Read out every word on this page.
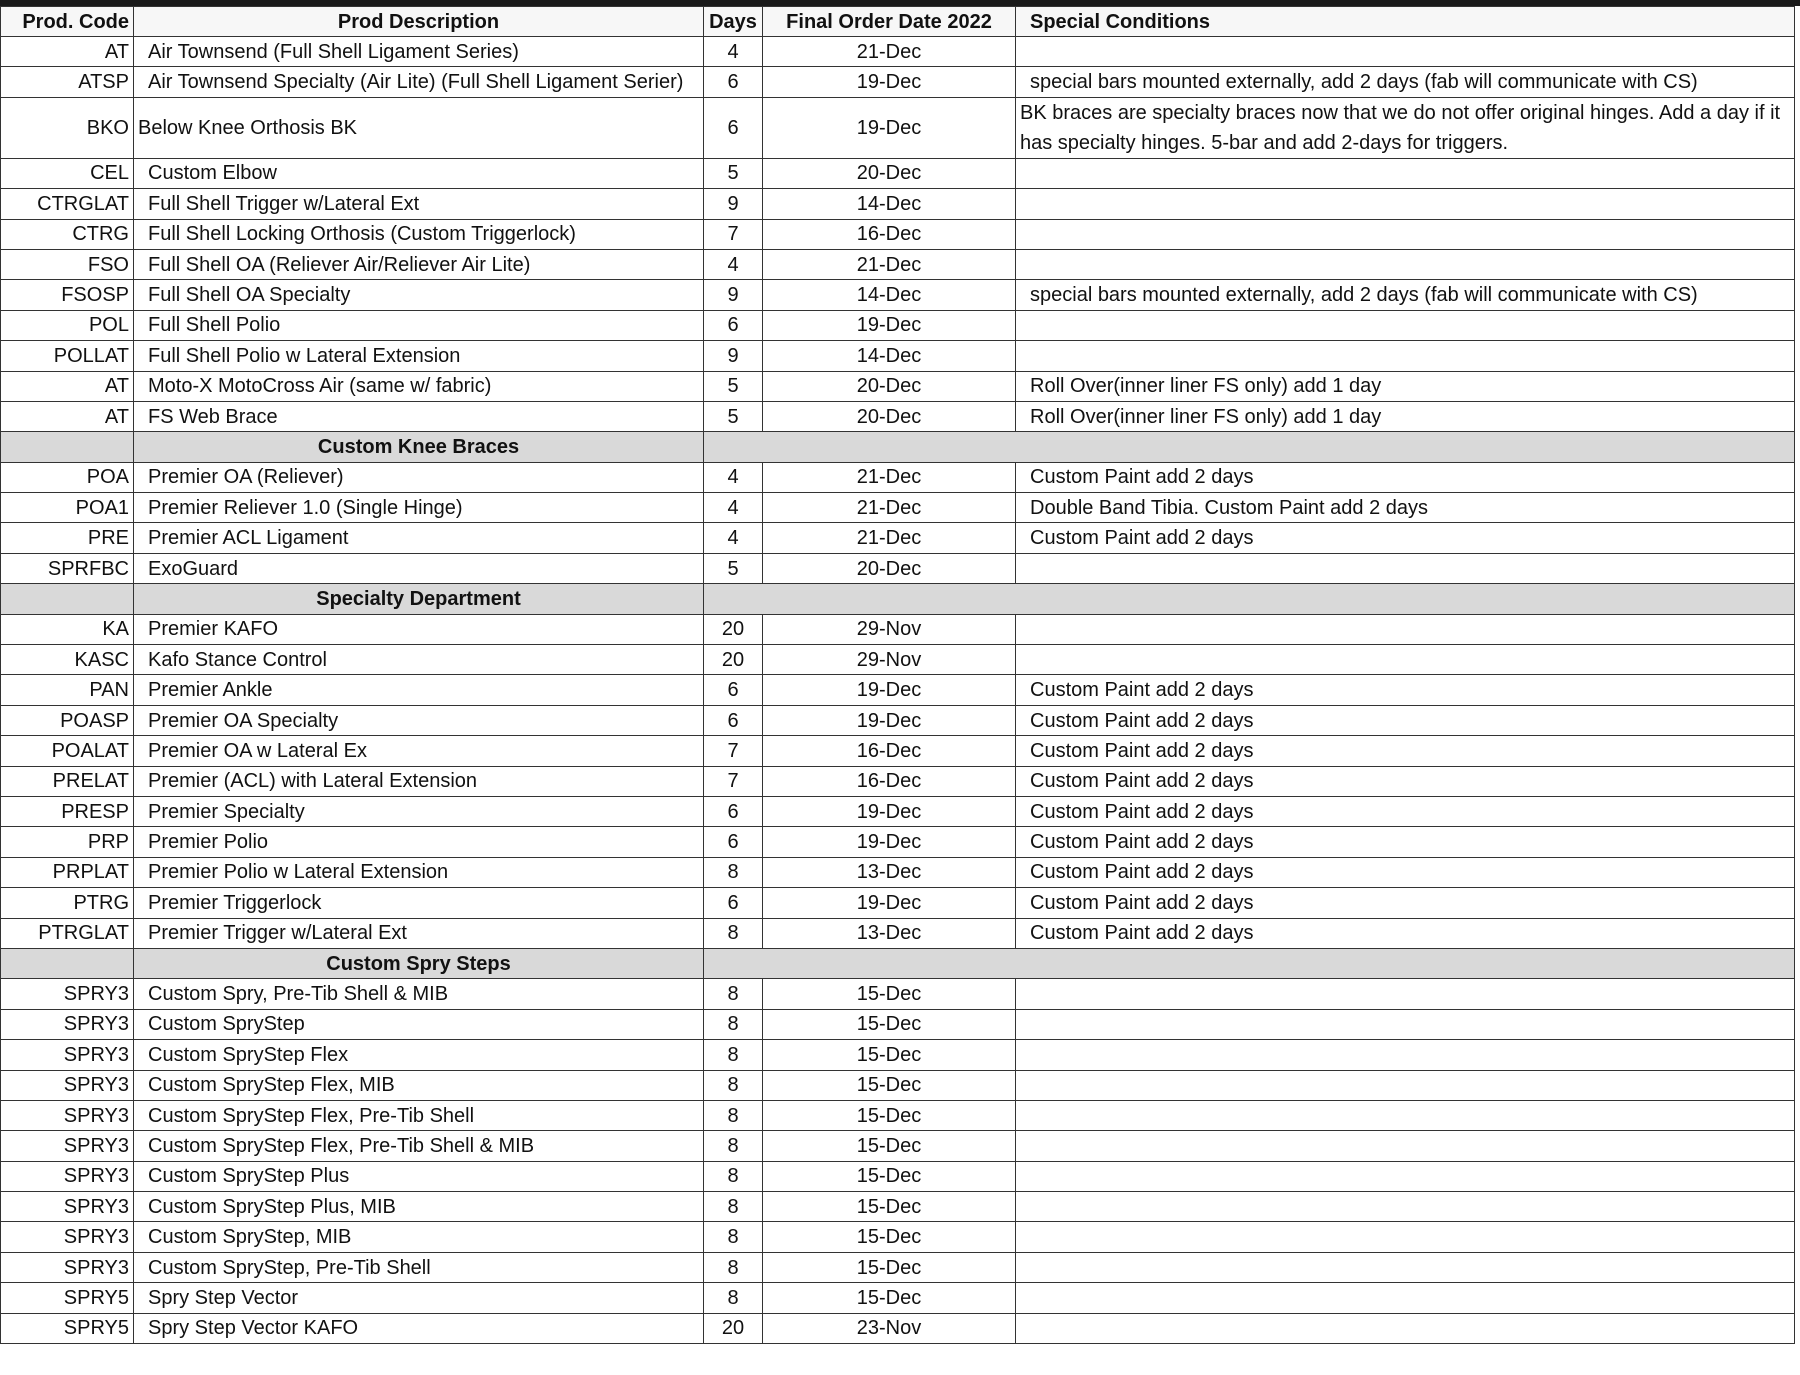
Prod. Code	Prod Description	Days	Final Order Date 2022	Special Conditions
AT	Air Townsend (Full Shell Ligament Series)	4	21-Dec	
ATSP	Air Townsend Specialty (Air Lite) (Full Shell Ligament Serier)	6	19-Dec	special bars mounted externally, add 2 days (fab will communicate with CS)
BKO	Below Knee Orthosis BK	6	19-Dec	BK braces are specialty braces now that we do not offer original hinges. Add a day if it has specialty hinges. 5-bar and add 2-days for triggers.
CEL	Custom Elbow	5	20-Dec	
CTRGLAT	Full Shell Trigger w/Lateral Ext	9	14-Dec	
CTRG	Full Shell Locking Orthosis (Custom Triggerlock)	7	16-Dec	
FSO	Full Shell OA (Reliever Air/Reliever Air Lite)	4	21-Dec	
FSOSP	Full Shell OA Specialty	9	14-Dec	special bars mounted externally, add 2 days (fab will communicate with CS)
POL	Full Shell Polio	6	19-Dec	
POLLAT	Full Shell Polio w Lateral Extension	9	14-Dec	
AT	Moto-X MotoCross Air (same w/ fabric)	5	20-Dec	Roll Over(inner liner FS only) add 1 day
AT	FS Web Brace	5	20-Dec	Roll Over(inner liner FS only) add 1 day
	Custom Knee Braces			
POA	Premier OA (Reliever)	4	21-Dec	Custom Paint add 2 days
POA1	Premier Reliever 1.0 (Single Hinge)	4	21-Dec	Double Band Tibia. Custom Paint add 2 days
PRE	Premier ACL Ligament	4	21-Dec	Custom Paint add 2 days
SPRFBC	ExoGuard	5	20-Dec	
	Specialty Department			
KA	Premier KAFO	20	29-Nov	
KASC	Kafo Stance Control	20	29-Nov	
PAN	Premier Ankle	6	19-Dec	Custom Paint add 2 days
POASP	Premier OA Specialty	6	19-Dec	Custom Paint add 2 days
POALAT	Premier OA w Lateral Ex	7	16-Dec	Custom Paint add 2 days
PRELAT	Premier (ACL) with Lateral Extension	7	16-Dec	Custom Paint add 2 days
PRESP	Premier Specialty	6	19-Dec	Custom Paint add 2 days
PRP	Premier Polio	6	19-Dec	Custom Paint add 2 days
PRPLAT	Premier Polio w Lateral Extension	8	13-Dec	Custom Paint add 2 days
PTRG	Premier Triggerlock	6	19-Dec	Custom Paint add 2 days
PTRGLAT	Premier Trigger w/Lateral Ext	8	13-Dec	Custom Paint add 2 days
	Custom Spry Steps			
SPRY3	Custom Spry, Pre-Tib Shell & MIB	8	15-Dec	
SPRY3	Custom SpryStep	8	15-Dec	
SPRY3	Custom SpryStep Flex	8	15-Dec	
SPRY3	Custom SpryStep Flex, MIB	8	15-Dec	
SPRY3	Custom SpryStep Flex, Pre-Tib Shell	8	15-Dec	
SPRY3	Custom SpryStep Flex, Pre-Tib Shell & MIB	8	15-Dec	
SPRY3	Custom SpryStep Plus	8	15-Dec	
SPRY3	Custom SpryStep Plus, MIB	8	15-Dec	
SPRY3	Custom SpryStep, MIB	8	15-Dec	
SPRY3	Custom SpryStep, Pre-Tib Shell	8	15-Dec	
SPRY5	Spry Step Vector	8	15-Dec	
SPRY5	Spry Step Vector KAFO	20	23-Nov	
